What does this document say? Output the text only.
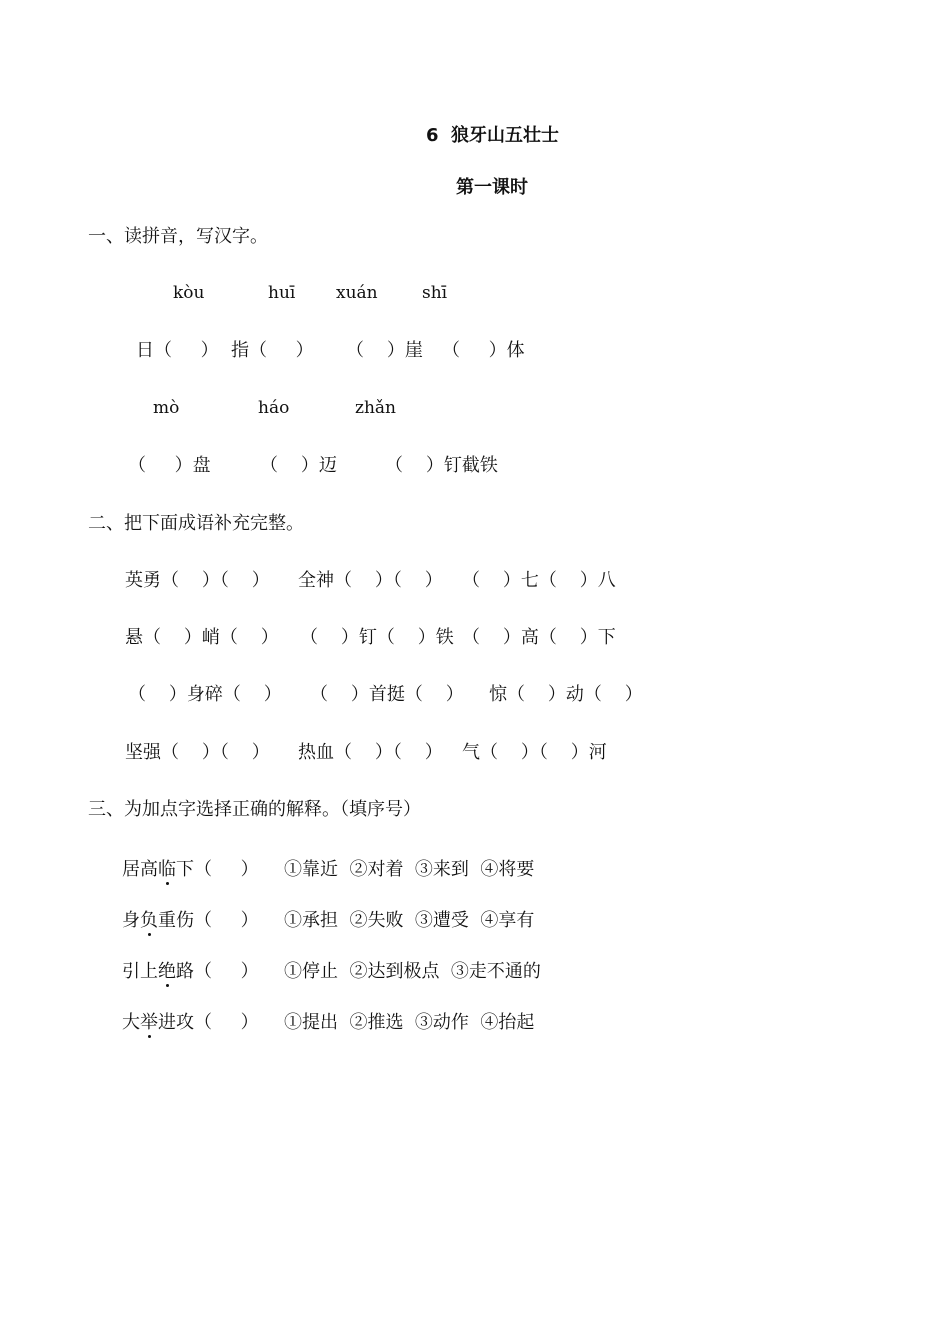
6  狼牙山五壮士
第一课时
一、读拼音，写汉字。
kòu	huī xuán	shī
日（     ） 指（     ） （    ）崖 （     ）体
mò	háo	zhǎn
（     ）盘	（    ）迈	（    ）钉截铁
二、把下面成语补充完整。
英勇（    ）（    ） 全神（    ）（    ） （    ）七（    ）八
悬（    ）峭（    ） （    ）钉（    ）铁 （    ）高（    ）下
（    ）身碎（    ） （    ）首挺（    ） 惊（    ）动（    ）
坚强（    ）（    ） 热血（    ）（    ） 气（    ）（    ）河
三、为加点字选择正确的解释。（填序号）
居高临下（     ） ①靠近  ②对着  ③来到  ④将要
身负重伤（     ） ①承担  ②失败  ③遭受  ④享有
引上绝路（     ） ①停止  ②达到极点  ③走不通的
大举进攻（     ） ①提出  ②推选  ③动作  ④抬起
